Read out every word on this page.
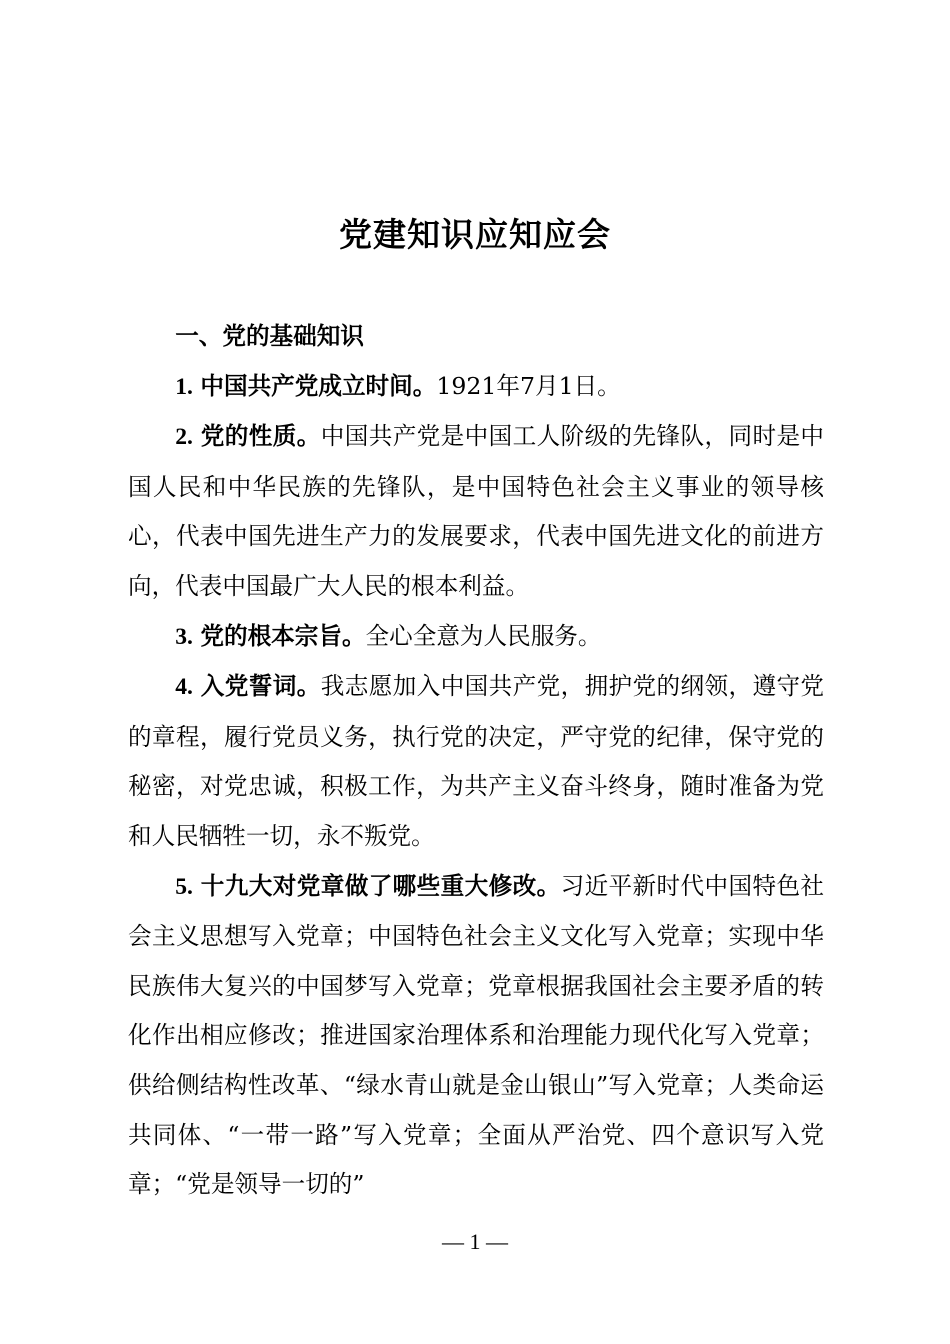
党建知识应知应会

一、党的基础知识

1. 中国共产党成立时间。1921年7月1日。

2. 党的性质。中国共产党是中国工人阶级的先锋队，同时是中国人民和中华民族的先锋队，是中国特色社会主义事业的领导核心，代表中国先进生产力的发展要求，代表中国先进文化的前进方向，代表中国最广大人民的根本利益。

3. 党的根本宗旨。全心全意为人民服务。

4. 入党誓词。我志愿加入中国共产党，拥护党的纲领，遵守党的章程，履行党员义务，执行党的决定，严守党的纪律，保守党的秘密，对党忠诚，积极工作，为共产主义奋斗终身，随时准备为党和人民牺牲一切，永不叛党。

5. 十九大对党章做了哪些重大修改。习近平新时代中国特色社会主义思想写入党章；中国特色社会主义文化写入党章；实现中华民族伟大复兴的中国梦写入党章；党章根据我国社会主要矛盾的转化作出相应修改；推进国家治理体系和治理能力现代化写入党章；供给侧结构性改革、“绿水青山就是金山银山”写入党章；人类命运共同体、“一带一路”写入党章；全面从严治党、四个意识写入党章；“党是领导一切的”

— 1 —
